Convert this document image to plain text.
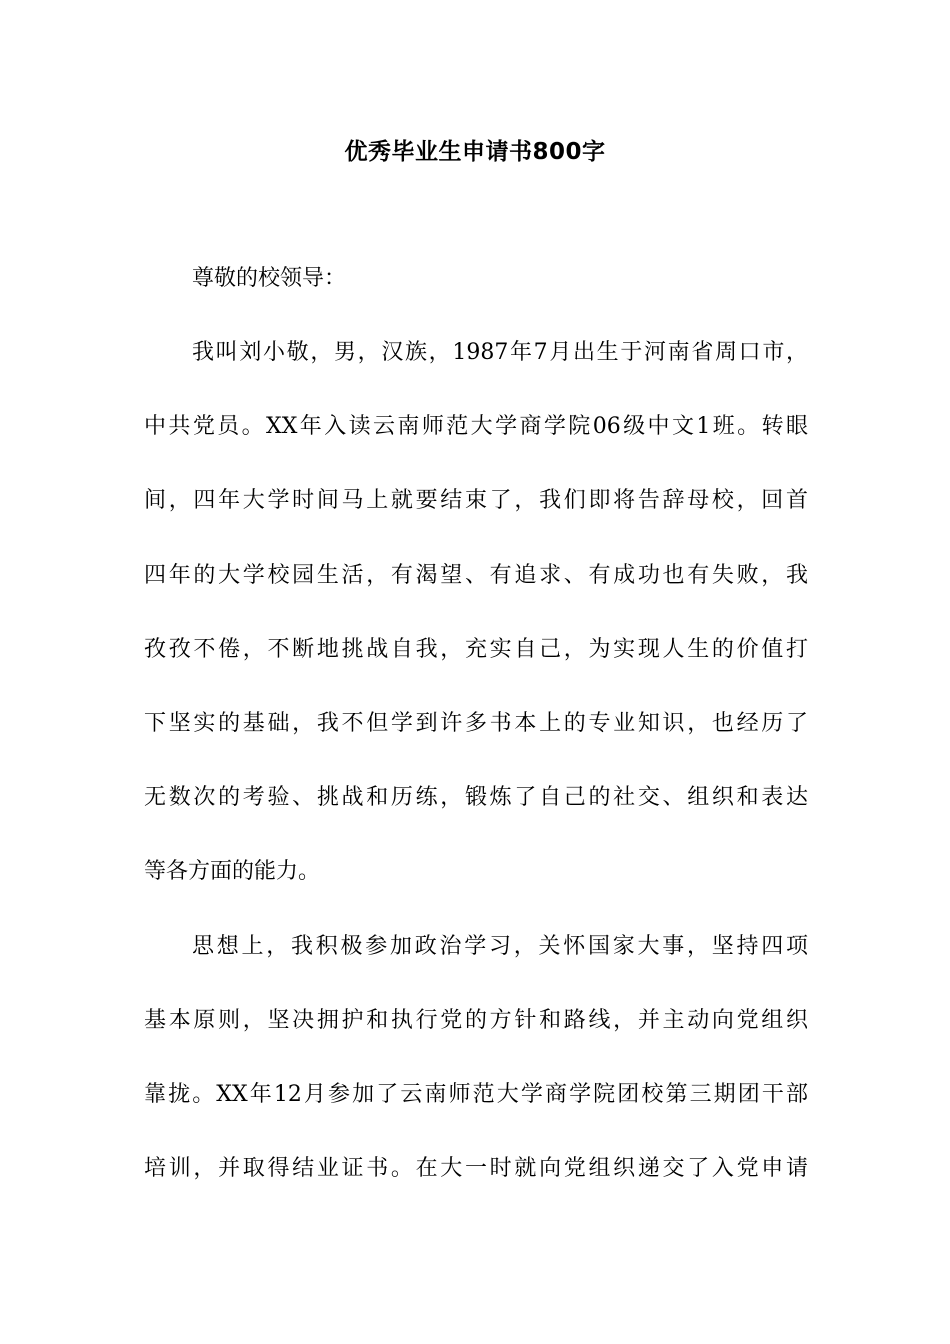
优秀毕业生申请书800字
尊敬的校领导：
我叫刘小敬，男，汉族，1987年7月出生于河南省周口市，
中共党员。XX年入读云南师范大学商学院06级中文1班。转眼
间，四年大学时间马上就要结束了，我们即将告辞母校，回首
四年的大学校园生活，有渴望、有追求、有成功也有失败，我
孜孜不倦，不断地挑战自我，充实自己，为实现人生的价值打
下坚实的基础，我不但学到许多书本上的专业知识，也经历了
无数次的考验、挑战和历练，锻炼了自己的社交、组织和表达
等各方面的能力。
思想上，我积极参加政治学习，关怀国家大事，坚持四项
基本原则，坚决拥护和执行党的方针和路线，并主动向党组织
靠拢。XX年12月参加了云南师范大学商学院团校第三期团干部
培训，并取得结业证书。在大一时就向党组织递交了入党申请
